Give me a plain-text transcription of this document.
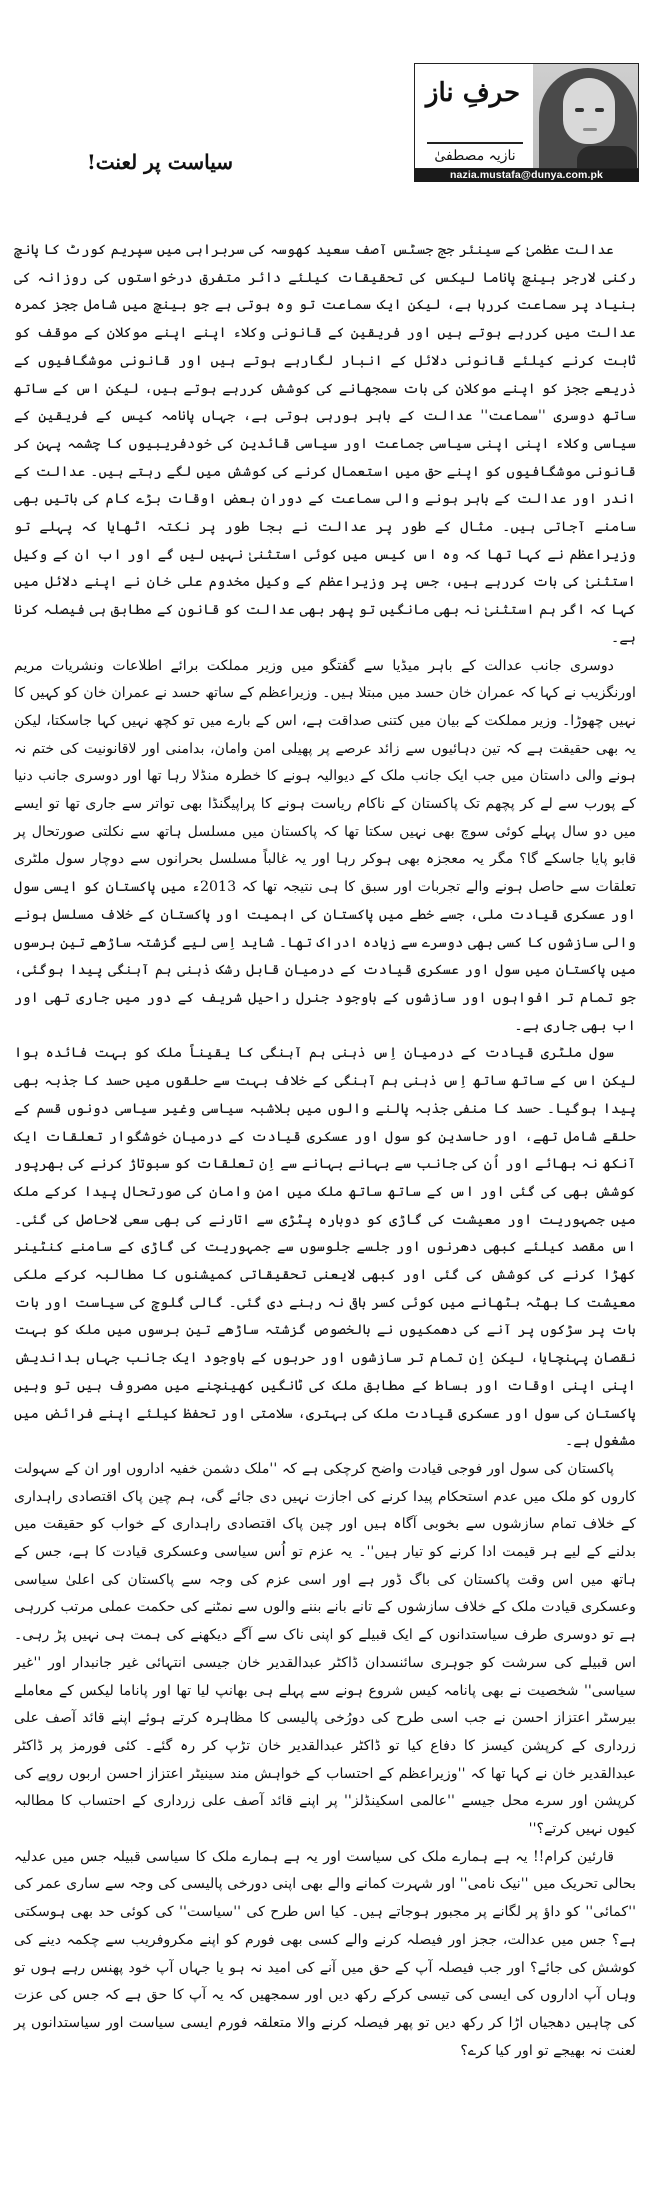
سیاست پر لعنت!
حرفِ ناز
نازیہ مصطفیٰ
nazia.mustafa@dunya.com.pk

عدالت عظمیٰ کے سینئر جج جسٹس آصف سعید کھوسہ کی سربراہی میں سپریم کورٹ کا پانچ رکنی لارجر بینچ پاناما لیکس کی تحقیقات کیلئے دائر متفرق درخواستوں کی روزانہ کی بنیاد پر سماعت کررہا ہے، لیکن ایک سماعت تو وہ ہوتی ہے جو بینچ میں شامل ججز کمرہ عدالت میں کررہے ہوتے ہیں اور فریقین کے قانونی وکلاء اپنے اپنے موکلان کے موقف کو ثابت کرنے کیلئے قانونی دلائل کے انبار لگارہے ہوتے ہیں اور قانونی موشگافیوں کے ذریعے ججز کو اپنے موکلان کی بات سمجھانے کی کوشش کررہے ہوتے ہیں، لیکن اس کے ساتھ ساتھ دوسری ''سماعت'' عدالت کے باہر ہورہی ہوتی ہے، جہاں پانامہ کیس کے فریقین کے سیاسی وکلاء اپنی اپنی سیاسی جماعت اور سیاسی قائدین کی خودفریبیوں کا چشمہ پہن کر قانونی موشگافیوں کو اپنے حق میں استعمال کرنے کی کوشش میں لگے رہتے ہیں۔ عدالت کے اندر اور عدالت کے باہر ہونے والی سماعت کے دوران بعض اوقات بڑے کام کی باتیں بھی سامنے آجاتی ہیں۔ مثال کے طور پر عدالت نے بجا طور پر نکتہ اٹھایا کہ پہلے تو وزیراعظم نے کہا تھا کہ وہ اس کیس میں کوئی استثنیٰ نہیں لیں گے اور اب ان کے وکیل استثنیٰ کی بات کررہے ہیں، جس پر وزیراعظم کے وکیل مخدوم علی خان نے اپنے دلائل میں کہا کہ اگر ہم استثنیٰ نہ بھی مانگیں تو پھر بھی عدالت کو قانون کے مطابق ہی فیصلہ کرنا ہے۔

دوسری جانب عدالت کے باہر میڈیا سے گفتگو میں وزیر مملکت برائے اطلاعات ونشریات مریم اورنگزیب نے کہا کہ عمران خان حسد میں مبتلا ہیں۔ وزیراعظم کے ساتھ حسد نے عمران خان کو کہیں کا نہیں چھوڑا۔ وزیر مملکت کے بیان میں کتنی صداقت ہے، اس کے بارے میں تو کچھ نہیں کہا جاسکتا، لیکن یہ بھی حقیقت ہے کہ تین دہائیوں سے زائد عرصے پر پھیلی امن وامان، بدامنی اور لاقانونیت کی ختم نہ ہونے والی داستان میں جب ایک جانب ملک کے دیوالیہ ہونے کا خطرہ منڈلا رہا تھا اور دوسری جانب دنیا کے پورب سے لے کر پچھم تک پاکستان کے ناکام ریاست ہونے کا پراپیگنڈا بھی تواتر سے جاری تھا تو ایسے میں دو سال پہلے کوئی سوچ بھی نہیں سکتا تھا کہ پاکستان میں مسلسل ہاتھ سے نکلتی صورتحال پر قابو پایا جاسکے گا؟ مگر یہ معجزہ بھی ہوکر رہا اور یہ غالباً مسلسل بحرانوں سے دوچار سول ملٹری تعلقات سے حاصل ہونے والے تجربات اور سبق کا ہی نتیجہ تھا کہ 2013ء میں پاکستان کو ایسی سول اور عسکری قیادت ملی، جسے خطے میں پاکستان کی اہمیت اور پاکستان کے خلاف مسلسل ہونے والی سازشوں کا کسی بھی دوسرے سے زیادہ ادراک تھا۔ شاید اِسی لیے گزشتہ ساڑھے تین برسوں میں پاکستان میں سول اور عسکری قیادت کے درمیان قابل رشک ذہنی ہم آہنگی پیدا ہوگئی، جو تمام تر افواہوں اور سازشوں کے باوجود جنرل راحیل شریف کے دور میں جاری تھی اور اب بھی جاری ہے۔

سول ملٹری قیادت کے درمیان اِس ذہنی ہم آہنگی کا یقیناً ملک کو بہت فائدہ ہوا لیکن اس کے ساتھ ساتھ اِس ذہنی ہم آہنگی کے خلاف بہت سے حلقوں میں حسد کا جذبہ بھی پیدا ہوگیا۔ حسد کا منفی جذبہ پالنے والوں میں بلاشبہ سیاسی وغیر سیاسی دونوں قسم کے حلقے شامل تھے، اور حاسدین کو سول اور عسکری قیادت کے درمیان خوشگوار تعلقات ایک آنکھ نہ بھائے اور اُن کی جانب سے بہانے بہانے سے اِن تعلقات کو سبوتاژ کرنے کی بھرپور کوشش بھی کی گئی اور اس کے ساتھ ساتھ ملک میں امن وامان کی صورتحال پیدا کرکے ملک میں جمہوریت اور معیشت کی گاڑی کو دوبارہ پٹڑی سے اتارنے کی بھی سعی لاحاصل کی گئی۔ اس مقصد کیلئے کبھی دھرنوں اور جلسے جلوسوں سے جمہوریت کی گاڑی کے سامنے کنٹینر کھڑا کرنے کی کوشش کی گئی اور کبھی لایعنی تحقیقاتی کمیشنوں کا مطالبہ کرکے ملکی معیشت کا بھٹہ بٹھانے میں کوئی کسر باقی نہ رہنے دی گئی۔ گالی گلوچ کی سیاست اور بات بات پر سڑکوں پر آنے کی دھمکیوں نے بالخصوص گزشتہ ساڑھے تین برسوں میں ملک کو بہت نقصان پہنچایا، لیکن اِن تمام تر سازشوں اور حربوں کے باوجود ایک جانب جہاں بداندیش اپنی اپنی اوقات اور بساط کے مطابق ملک کی ٹانگیں کھینچنے میں مصروف ہیں تو وہیں پاکستان کی سول اور عسکری قیادت ملک کی بہتری، سلامتی اور تحفظ کیلئے اپنے فرائض میں مشغول ہے۔

پاکستان کی سول اور فوجی قیادت واضح کرچکی ہے کہ ''ملک دشمن خفیہ اداروں اور ان کے سہولت کاروں کو ملک میں عدم استحکام پیدا کرنے کی اجازت نہیں دی جائے گی، ہم چین پاک اقتصادی راہداری کے خلاف تمام سازشوں سے بخوبی آگاہ ہیں اور چین پاک اقتصادی راہداری کے خواب کو حقیقت میں بدلنے کے لیے ہر قیمت ادا کرنے کو تیار ہیں''۔ یہ عزم تو اُس سیاسی وعسکری قیادت کا ہے، جس کے ہاتھ میں اس وقت پاکستان کی باگ ڈور ہے اور اسی عزم کی وجہ سے پاکستان کی اعلیٰ سیاسی وعسکری قیادت ملک کے خلاف سازشوں کے تانے بانے بننے والوں سے نمٹنے کی حکمت عملی مرتب کررہی ہے تو دوسری طرف سیاستدانوں کے ایک قبیلے کو اپنی ناک سے آگے دیکھنے کی ہمت ہی نہیں پڑ رہی۔ اس قبیلے کی سرشت کو جوہری سائنسدان ڈاکٹر عبدالقدیر خان جیسی انتہائی غیر جانبدار اور ''غیر سیاسی'' شخصیت نے بھی پانامہ کیس شروع ہونے سے پہلے ہی بھانپ لیا تھا اور پاناما لیکس کے معاملے بیرسٹر اعتزاز احسن نے جب اسی طرح کی دورُخی پالیسی کا مظاہرہ کرتے ہوئے اپنے قائد آصف علی زرداری کے کرپشن کیسز کا دفاع کیا تو ڈاکٹر عبدالقدیر خان تڑپ کر رہ گئے۔ کئی فورمز پر ڈاکٹر عبدالقدیر خان نے کہا تھا کہ ''وزیراعظم کے احتساب کے خواہش مند سینیٹر اعتزاز احسن اربوں روپے کی کرپشن اور سرے محل جیسے ''عالمی اسکینڈلز'' پر اپنے قائد آصف علی زرداری کے احتساب کا مطالبہ کیوں نہیں کرتے؟''

قارئین کرام!! یہ ہے ہمارے ملک کی سیاست اور یہ ہے ہمارے ملک کا سیاسی قبیلہ جس میں عدلیہ بحالی تحریک میں ''نیک نامی'' اور شہرت کمانے والے بھی اپنی دورخی پالیسی کی وجہ سے ساری عمر کی ''کمائی'' کو داؤ پر لگانے پر مجبور ہوجاتے ہیں۔ کیا اس طرح کی ''سیاست'' کی کوئی حد بھی ہوسکتی ہے؟ جس میں عدالت، ججز اور فیصلہ کرنے والے کسی بھی فورم کو اپنے مکروفریب سے چکمہ دینے کی کوشش کی جائے؟ اور جب فیصلہ آپ کے حق میں آنے کی امید نہ ہو یا جہاں آپ خود پھنس رہے ہوں تو وہاں آپ اداروں کی ایسی کی تیسی کرکے رکھ دیں اور سمجھیں کہ یہ آپ کا حق ہے کہ جس کی عزت کی چاہیں دھجیاں اڑا کر رکھ دیں تو پھر فیصلہ کرنے والا متعلقہ فورم ایسی سیاست اور سیاستدانوں پر لعنت نہ بھیجے تو اور کیا کرے؟
